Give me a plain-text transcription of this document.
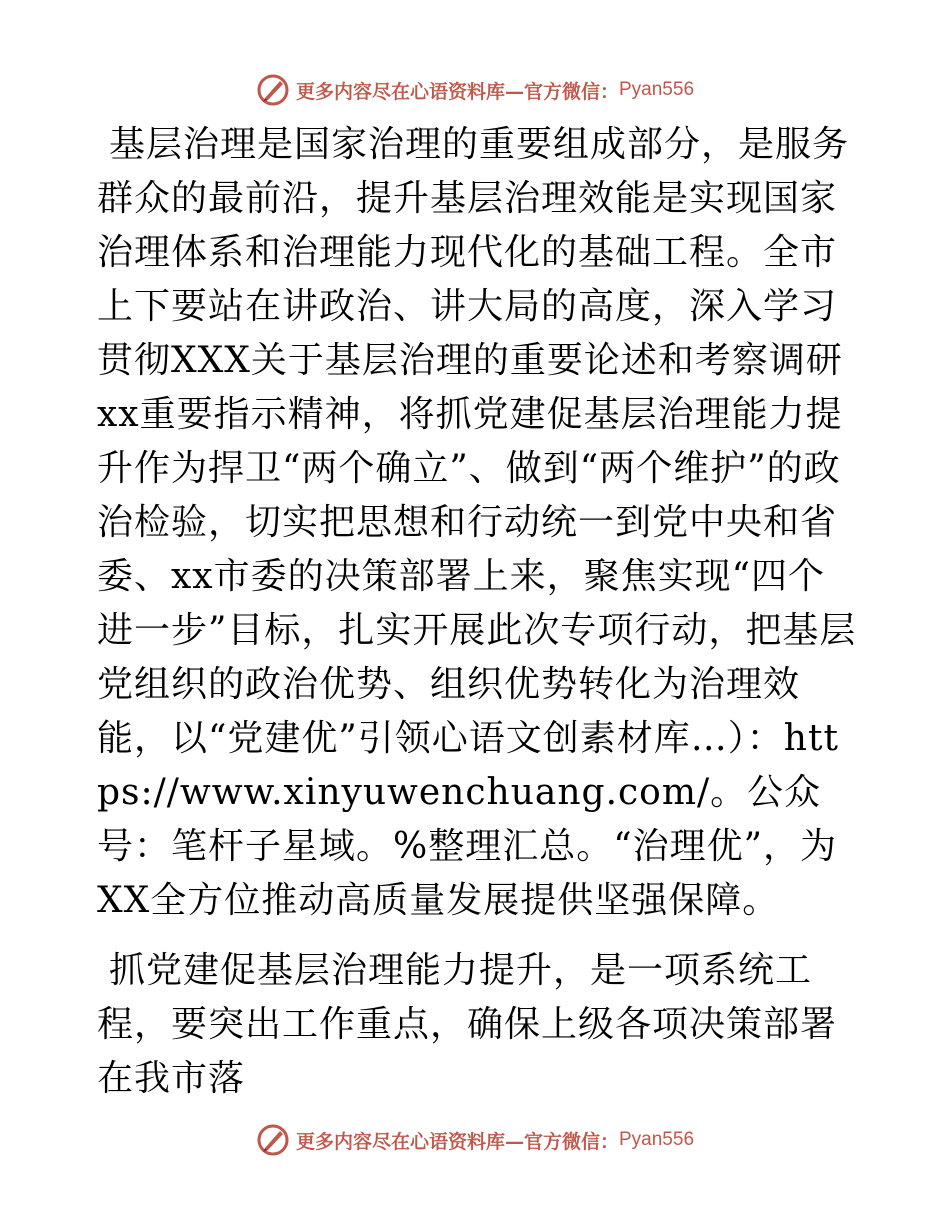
更多内容尽在心语资料库—官方微信： Pyan556

基层治理是国家治理的重要组成部分，是服务群众的最前沿，提升基层治理效能是实现国家治理体系和治理能力现代化的基础工程。全市上下要站在讲政治、讲大局的高度，深入学习贯彻XXX关于基层治理的重要论述和考察调研xx重要指示精神，将抓党建促基层治理能力提升作为捍卫“两个确立”、做到“两个维护”的政治检验，切实把思想和行动统一到党中央和省委、xx市委的决策部署上来，聚焦实现“四个进一步”目标，扎实开展此次专项行动，把基层党组织的政治优势、组织优势转化为治理效能，以“党建优”引领心语文创素材库…）：https://www.xinyuwenchuang.com/。公众号：笔杆子星域。%整理汇总。“治理优”，为XX全方位推动高质量发展提供坚强保障。

抓党建促基层治理能力提升，是一项系统工程，要突出工作重点，确保上级各项决策部署在我市落

更多内容尽在心语资料库—官方微信： Pyan556
